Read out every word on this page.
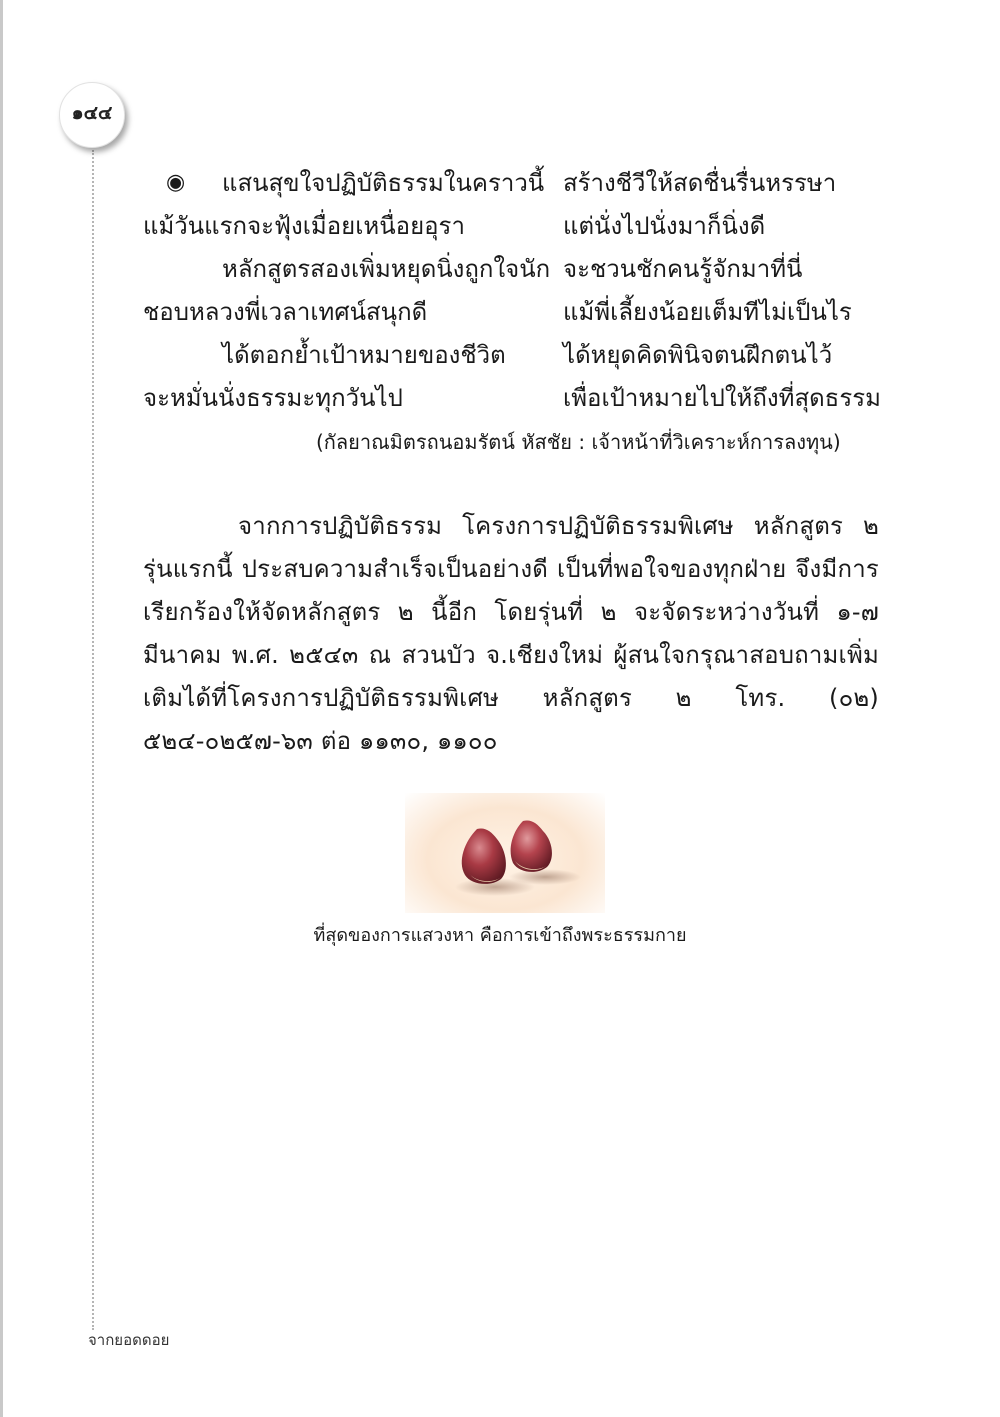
๑๔๔
◉ แสนสุขใจปฏิบัติธรรมในคราวนี้ สร้างชีวีให้สดชื่นรื่นหรรษา
แม้วันแรกจะฟุ้งเมื่อยเหนื่อยอุรา	แต่นั่งไปนั่งมาก็นิ่งดี
หลักสูตรสองเพิ่มหยุดนิ่งถูกใจนัก จะชวนชักคนรู้จักมาที่นี่
ชอบหลวงพี่เวลาเทศน์สนุกดี	แม้พี่เลี้ยงน้อยเต็มทีไม่เป็นไร
ได้ตอกย้ำเป้าหมายของชีวิต ได้หยุดคิดพินิจตนฝึกตนไว้
จะหมั่นนั่งธรรมะทุกวันไป	เพื่อเป้าหมายไปให้ถึงที่สุดธรรม
(กัลยาณมิตรถนอมรัตน์ หัสชัย : เจ้าหน้าที่วิเคราะห์การลงทุน)

จากการปฏิบัติธรรม โครงการปฏิบัติธรรมพิเศษ หลักสูตร ๒ รุ่นแรกนี้ ประสบความสำเร็จเป็นอย่างดี เป็นที่พอใจของทุกฝ่าย จึงมีการเรียกร้องให้จัดหลักสูตร ๒ นี้อีก โดยรุ่นที่ ๒ จะจัดระหว่างวันที่ ๑-๗ มีนาคม พ.ศ. ๒๕๔๓ ณ สวนบัว จ.เชียงใหม่ ผู้สนใจกรุณาสอบถามเพิ่มเติมได้ที่โครงการปฏิบัติธรรมพิเศษ หลักสูตร ๒ โทร. (๐๒) ๕๒๔-๐๒๕๗-๖๓ ต่อ ๑๑๓๐, ๑๑๐๐

ที่สุดของการแสวงหา คือการเข้าถึงพระธรรมกาย
จากยอดดอย
